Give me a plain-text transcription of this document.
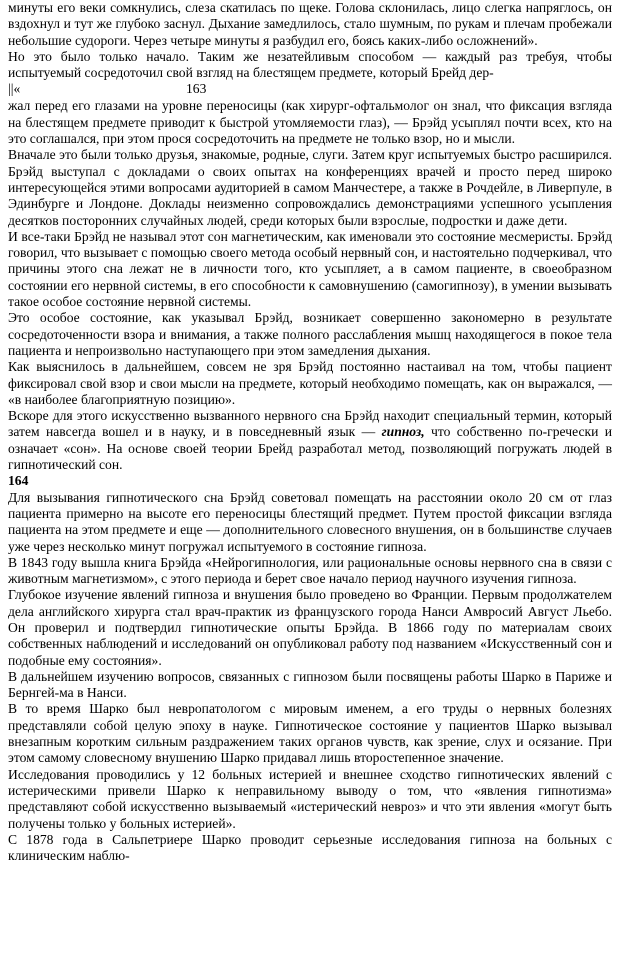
минуты его веки сомкнулись, слеза скатилась по щеке. Голова склонилась, лицо слегка напряглось, он вздохнул и тут же глубоко заснул. Дыхание замедлилось, стало шумным, по рукам и плечам пробежали небольшие судороги. Через четыре минуты я разбудил его, боясь каких-либо осложнений».

Но это было только начало. Таким же незатейливым способом — каждый раз требуя, чтобы испытуемый сосредоточил свой взгляд на блестящем предмете, который Брейд дер-

||«	163

жал перед его глазами на уровне переносицы (как хирург-офтальмолог он знал, что фиксация взгляда на блестящем предмете приводит к быстрой утомляемости глаз), — Брэйд усыплял почти всех, кто на это соглашался, при этом прося сосредоточить на предмете не только взор, но и мысли.

Вначале это были только друзья, знакомые, родные, слуги. Затем круг испытуемых быстро расширился. Брэйд выступал с докладами о своих опытах на конференциях врачей и просто перед широко интересующейся этими вопросами аудиторией в самом Манчестере, а также в Рочдейле, в Ливерпуле, в Эдинбурге и Лондоне. Доклады неизменно сопровождались демонстрациями успешного усыпления десятков посторонних случайных людей, среди которых были взрослые, подростки и даже дети.

И все-таки Брэйд не называл этот сон магнетическим, как именовали это состояние месмеристы. Брэйд говорил, что вызывает с помощью своего метода особый нервный сон, и настоятельно подчеркивал, что причины этого сна лежат не в личности того, кто усыпляет, а в самом пациенте, в своеобразном состоянии его нервной системы, в его способности к самовнушению (самогипнозу), в умении вызывать такое особое состояние нервной системы.

Это особое состояние, как указывал Брэйд, возникает совершенно закономерно в результате сосредоточенности взора и внимания, а также полного расслабления мышц находящегося в покое тела пациента и непроизвольно наступающего при этом замедления дыхания.

Как выяснилось в дальнейшем, совсем не зря Брэйд постоянно настаивал на том, чтобы пациент фиксировал свой взор и свои мысли на предмете, который необходимо помещать, как он выражался, — «в наиболее благоприятную позицию».

Вскоре для этого искусственно вызванного нервного сна Брэйд находит специальный термин, который затем навсегда вошел и в науку, и в повседневный язык — гипноз, что собственно по-гречески и означает «сон». На основе своей теории Брейд разработал метод, позволяющий погружать людей в гипнотический сон.

164

Для вызывания гипнотического сна Брэйд советовал помещать на расстоянии около 20 см от глаз пациента примерно на высоте его переносицы блестящий предмет. Путем простой фиксации взгляда пациента на этом предмете и еще — дополнительного словесного внушения, он в большинстве случаев уже через несколько минут погружал испытуемого в состояние гипноза.

В 1843 году вышла книга Брэйда «Нейрогипнология, или рациональные основы нервного сна в связи с животным магнетизмом», с этого периода и берет свое начало период научного изучения гипноза.

Глубокое изучение явлений гипноза и внушения было проведено во Франции. Первым продолжателем дела английского хирурга стал врач-практик из французского города Нанси Амвросий Август Льебо. Он проверил и подтвердил гипнотические опыты Брэйда. В 1866 году по материалам своих собственных наблюдений и исследований он опубликовал работу под названием «Искусственный сон и подобные ему состояния».

В дальнейшем изучению вопросов, связанных с гипнозом были посвящены работы Шарко в Париже и Бернгей-ма в Нанси.

В то время Шарко был невропатологом с мировым именем, а его труды о нервных болезнях представляли собой целую эпоху в науке. Гипнотическое состояние у пациентов Шарко вызывал внезапным коротким сильным раздражением таких органов чувств, как зрение, слух и осязание. При этом самому словесному внушению Шарко придавал лишь второстепенное значение.

Исследования проводились у 12 больных истерией и внешнее сходство гипнотических явлений с истерическими привели Шарко к неправильному выводу о том, что «явления гипнотизма» представляют собой искусственно вызываемый «истерический невроз» и что эти явления «могут быть получены только у больных истерией».

С 1878 года в Сальпетриере Шарко проводит серьезные исследования гипноза на больных с клиническим наблю-
